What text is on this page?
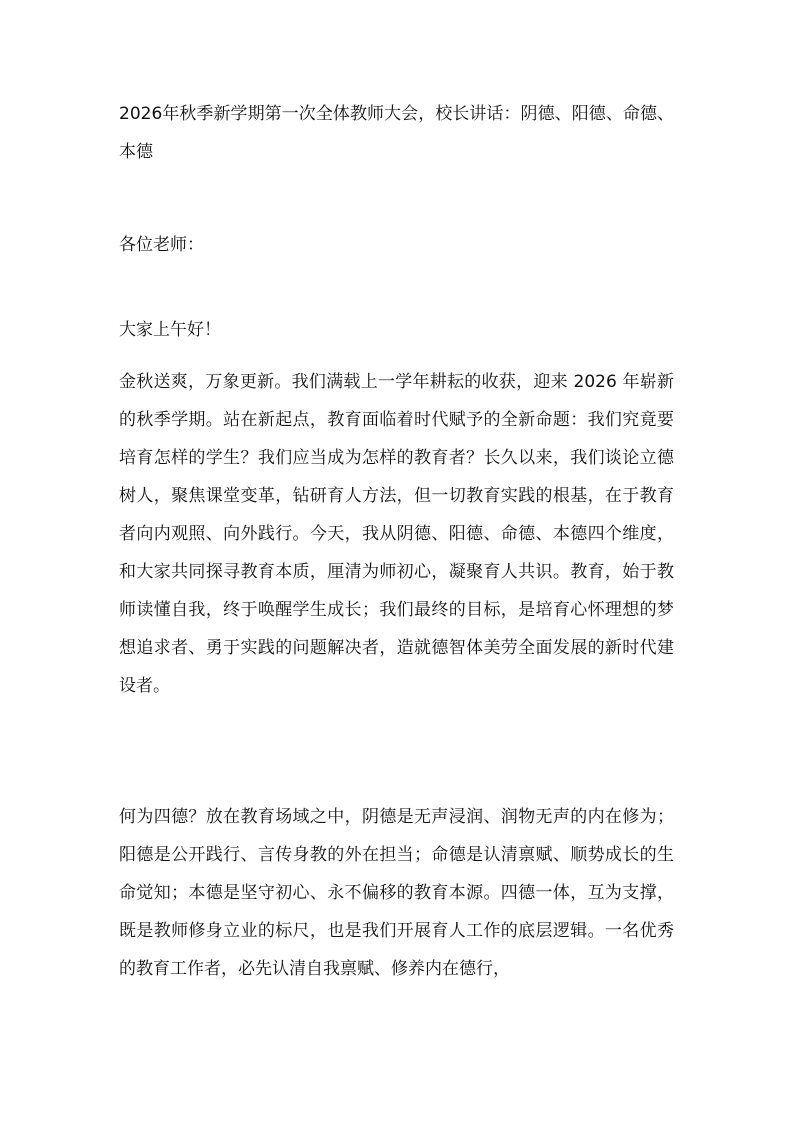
2026年秋季新学期第一次全体教师大会，校长讲话：阴德、阳德、命德、本德

各位老师：

大家上午好！

金秋送爽，万象更新。我们满载上一学年耕耘的收获，迎来 2026 年崭新的秋季学期。站在新起点，教育面临着时代赋予的全新命题：我们究竟要培育怎样的学生？我们应当成为怎样的教育者？长久以来，我们谈论立德树人，聚焦课堂变革，钻研育人方法，但一切教育实践的根基，在于教育者向内观照、向外践行。今天，我从阴德、阳德、命德、本德四个维度，和大家共同探寻教育本质，厘清为师初心，凝聚育人共识。教育，始于教师读懂自我，终于唤醒学生成长；我们最终的目标，是培育心怀理想的梦想追求者、勇于实践的问题解决者，造就德智体美劳全面发展的新时代建设者。

何为四德？放在教育场域之中，阴德是无声浸润、润物无声的内在修为；阳德是公开践行、言传身教的外在担当；命德是认清禀赋、顺势成长的生命觉知；本德是坚守初心、永不偏移的教育本源。四德一体，互为支撑，既是教师修身立业的标尺，也是我们开展育人工作的底层逻辑。一名优秀的教育工作者，必先认清自我禀赋、修养内在德行，
